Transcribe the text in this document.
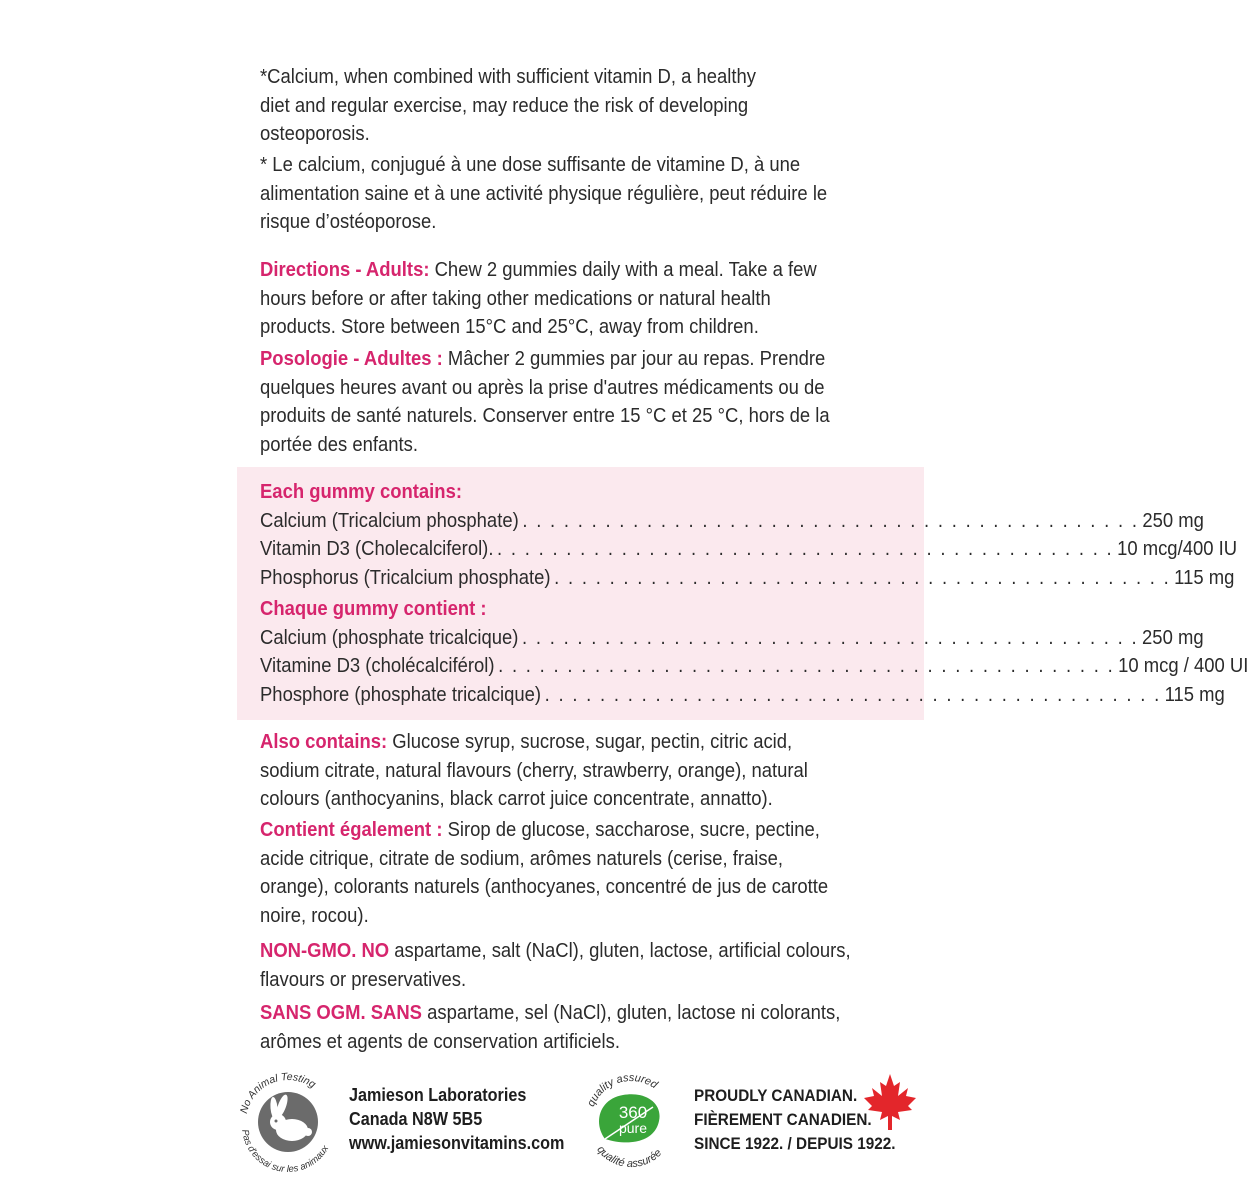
*Calcium, when combined with sufficient vitamin D, a healthy
diet and regular exercise, may reduce the risk of developing
osteoporosis.
* Le calcium, conjugué à une dose suffisante de vitamine D, à une
alimentation saine et à une activité physique régulière, peut réduire le
risque d’ostéoporose.
Directions - Adults: Chew 2 gummies daily with a meal. Take a few
hours before or after taking other medications or natural health
products. Store between 15°C and 25°C, away from children.
Posologie - Adultes : Mâcher 2 gummies par jour au repas. Prendre
quelques heures avant ou après la prise d'autres médicaments ou de
produits de santé naturels. Conserver entre 15 °C et 25 °C, hors de la
portée des enfants.
Each gummy contains:
Calcium (Tricalcium phosphate) . . . . . . . . . . . . . . . . . . . . . . . . . . . . . . . . . . . . . . . . . . . . . 250 mg
Vitamin D3 (Cholecalciferol). . . . . . . . . . . . . . . . . . . . . . . . . . . . . . . . . . . . . . . . . . . . . . 10 mcg/400 IU
Phosphorus (Tricalcium phosphate) . . . . . . . . . . . . . . . . . . . . . . . . . . . . . . . . . . . . . . . . . . . . . 115 mg
Chaque gummy contient :
Calcium (phosphate tricalcique) . . . . . . . . . . . . . . . . . . . . . . . . . . . . . . . . . . . . . . . . . . . . . 250 mg
Vitamine D3 (cholécalciférol) . . . . . . . . . . . . . . . . . . . . . . . . . . . . . . . . . . . . . . . . . . . . . 10 mcg / 400 UI
Phosphore (phosphate tricalcique) . . . . . . . . . . . . . . . . . . . . . . . . . . . . . . . . . . . . . . . . . . . . . 115 mg
Also contains: Glucose syrup, sucrose, sugar, pectin, citric acid,
sodium citrate, natural flavours (cherry, strawberry, orange), natural
colours (anthocyanins, black carrot juice concentrate, annatto).
Contient également : Sirop de glucose, saccharose, sucre, pectine,
acide citrique, citrate de sodium, arômes naturels (cerise, fraise,
orange), colorants naturels (anthocyanes, concentré de jus de carotte
noire, rocou).
NON-GMO. NO aspartame, salt (NaCl), gluten, lactose, artificial colours,
flavours or preservatives.
SANS OGM. SANS aspartame, sel (NaCl), gluten, lactose ni colorants,
arômes et agents de conservation artificiels.
No Animal Testing
Pas d'essai sur les animaux
Jamieson Laboratories
Canada N8W 5B5
www.jamiesonvitamins.com
360
pure
quality assured
qualité assurée
PROUDLY CANADIAN.
FIÈREMENT CANADIEN.
SINCE 1922. / DEPUIS 1922.
